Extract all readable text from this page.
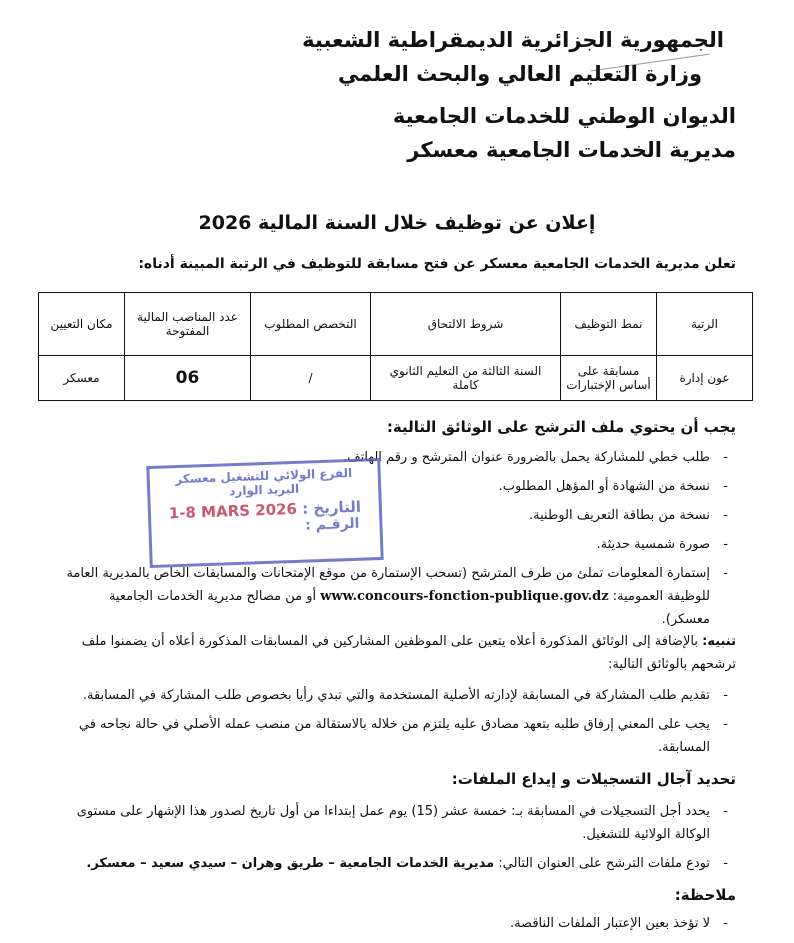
الجمهورية الجزائرية الديمقراطية الشعبية
وزارة التعليم العالي والبحث العلمي
الديوان الوطني للخدمات الجامعية
مديرية الخدمات الجامعية معسكر
إعلان عن توظيف خلال السنة المالية 2026
تعلن مديرية الخدمات الجامعية معسكر عن فتح مسابقة للتوظيف في الرتبة المبينة أدناه:
الرتبة	نمط التوظيف	شروط الالتحاق	التخصص المطلوب	عدد المناصب المالية المفتوحة	مكان التعيين
عون إدارة	مسابقة على أساس الإختبارات	السنة الثالثة من التعليم الثانوي كاملة	/	06	معسكر
يجب أن يحتوي ملف الترشح على الوثائق التالية:
- طلب خطي للمشاركة يحمل بالضرورة عنوان المترشح و رقم الهاتف.
- نسخة من الشهادة أو المؤهل المطلوب.
- نسخة من بطاقة التعريف الوطنية.
- صورة شمسية حديثة.
- إستمارة المعلومات تملئ من طرف المترشح (تسحب الإستمارة من موقع الإمتحانات والمسابقات الخاص بالمديرية العامة للوظيفة العمومية: www.concours-fonction-publique.gov.dz أو من مصالح مديرية الخدمات الجامعية معسكر).
الفرع الولائي للتشغيل معسكر
البريد الوارد
التاريخ : 1-8 MARS 2026
الرقـم :
تنبيه: بالإضافة إلى الوثائق المذكورة أعلاه يتعين على الموظفين المشاركين في المسابقات المذكورة أعلاه أن يضمنوا ملف ترشحهم بالوثائق التالية:
- تقديم طلب المشاركة في المسابقة لإدارته الأصلية المستخدمة والتي تبدي رأيا بخصوص طلب المشاركة في المسابقة.
- يجب على المعني إرفاق طلبه بتعهد مصادق عليه يلتزم من خلاله بالاستقالة من منصب عمله الأصلي في حالة نجاحه في المسابقة.
تحديد آجال التسجيلات و إيداع الملفات:
- يحدد أجل التسجيلات في المسابقة بـ: خمسة عشر (15) يوم عمل إبتداءا من أول تاريخ لصدور هذا الإشهار على مستوى الوكالة الولائية للتشغيل.
- تودع ملفات الترشح على العنوان التالي: مديرية الخدمات الجامعية – طريق وهران – سيدي سعيد – معسكر.
ملاحظة:
- لا تؤخذ بعين الإعتبار الملفات الناقصة.
